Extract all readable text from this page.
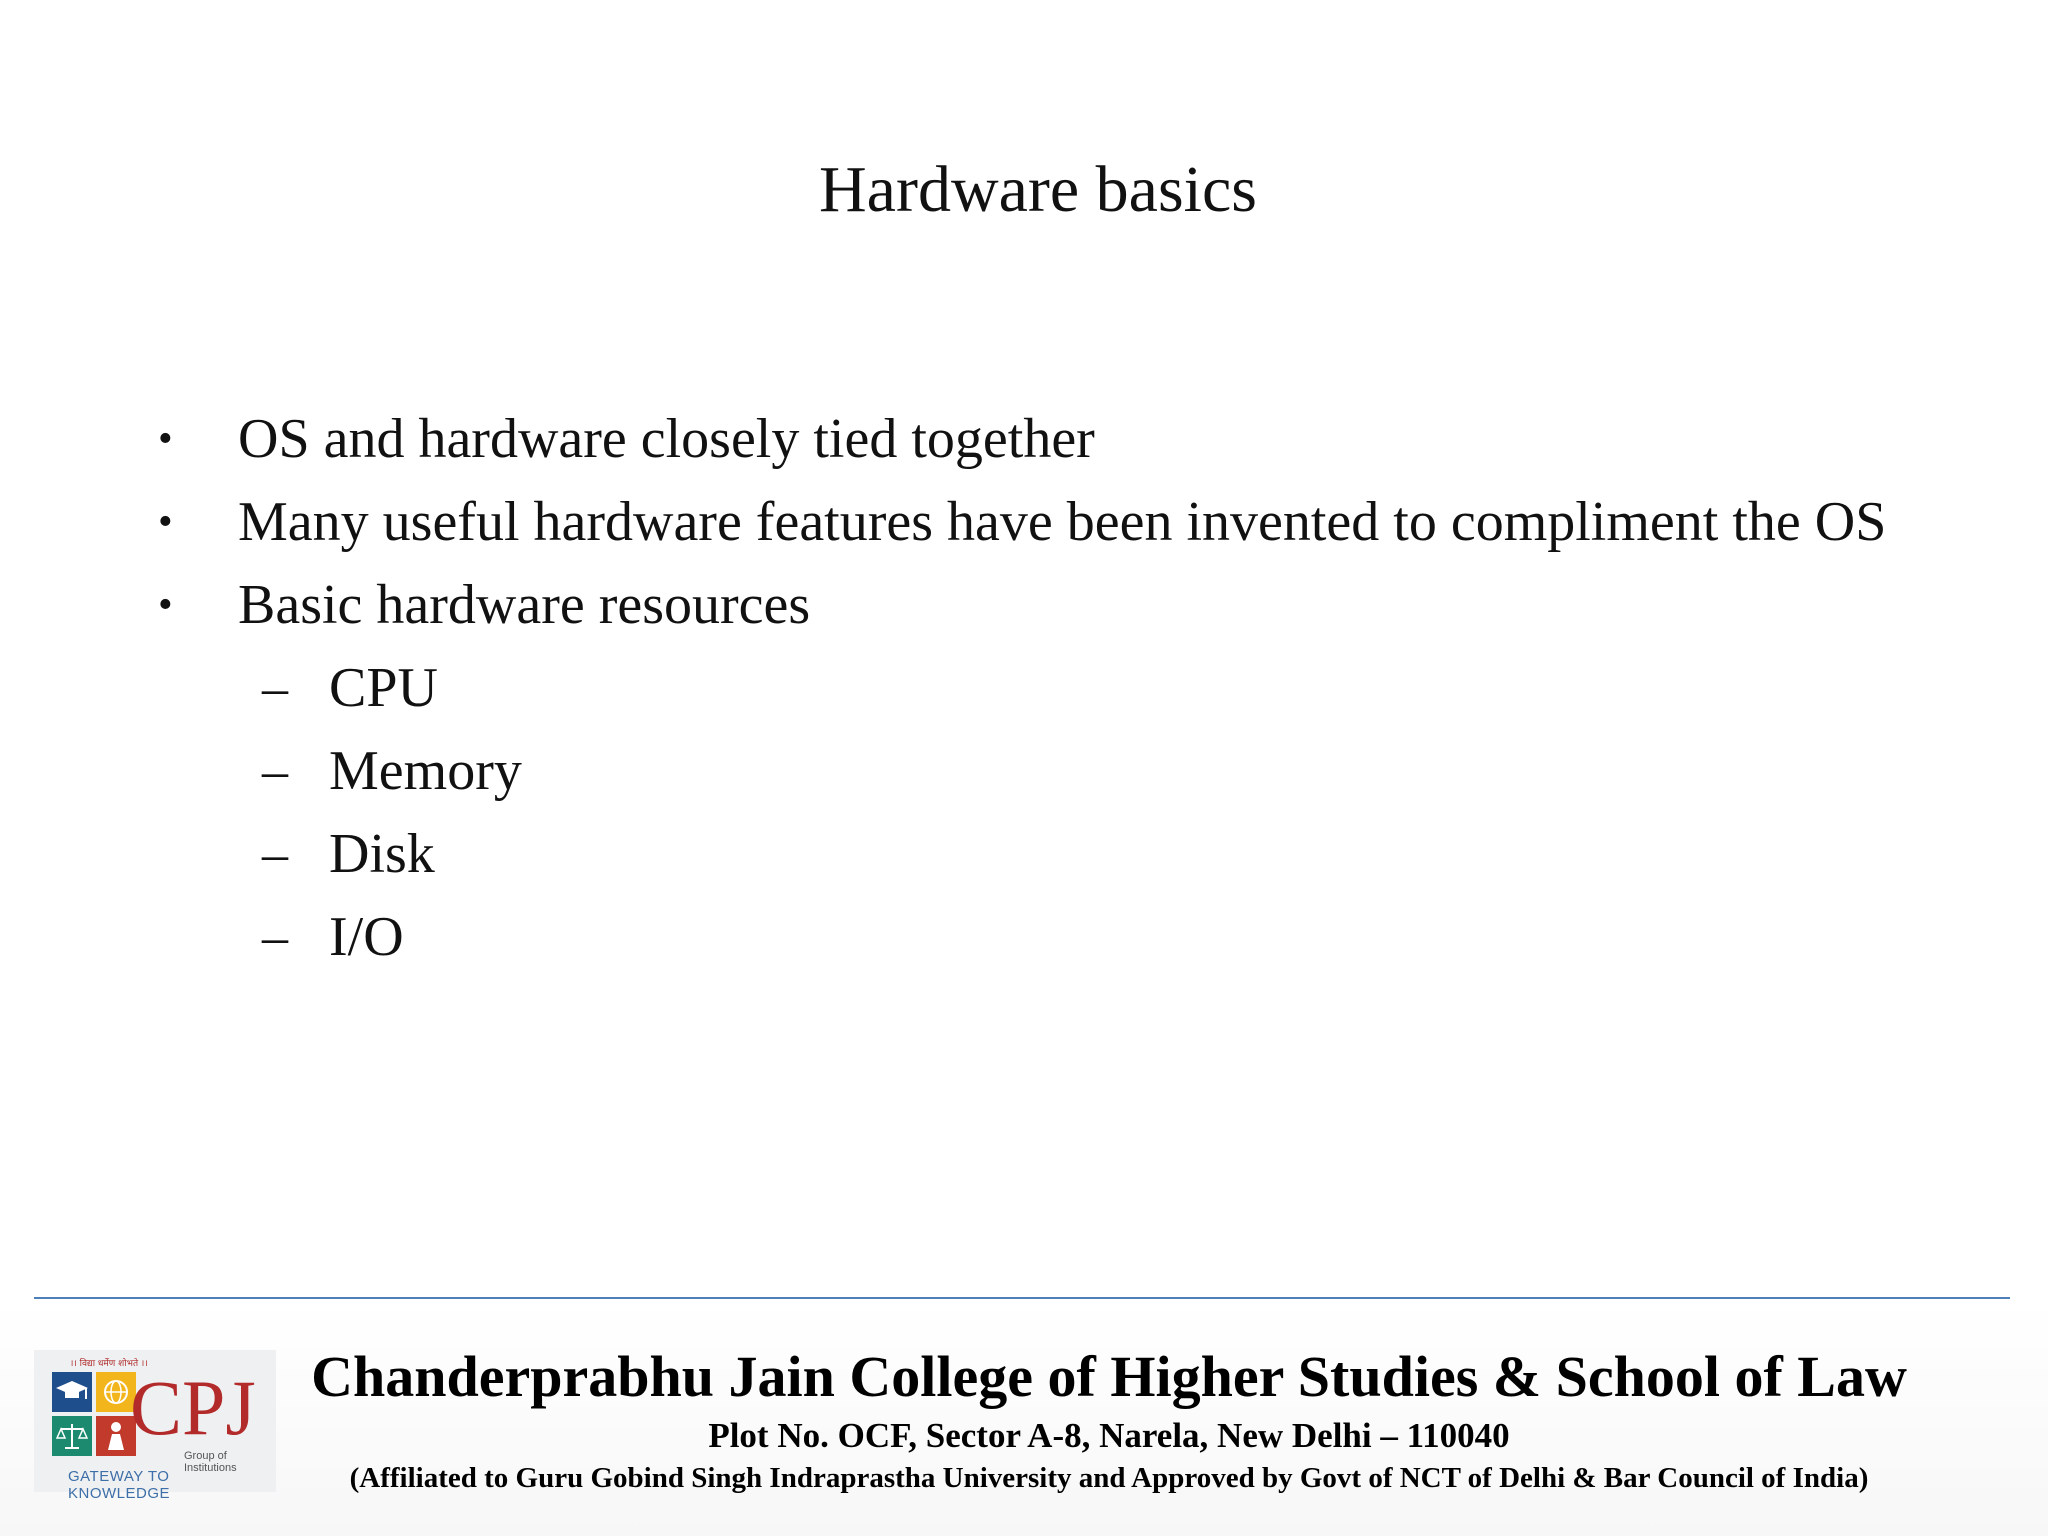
Hardware basics
• OS and hardware closely tied together
• Many useful hardware features have been invented to compliment the OS
• Basic hardware resources
– CPU
– Memory
– Disk
– I/O
।। विद्या धर्मेण शोभते ।।
CPJ
Group of Institutions
GATEWAY TO KNOWLEDGE
Chanderprabhu Jain College of Higher Studies & School of Law
Plot No. OCF, Sector A-8, Narela, New Delhi – 110040
(Affiliated to Guru Gobind Singh Indraprastha University and Approved by Govt of NCT of Delhi & Bar Council of India)
